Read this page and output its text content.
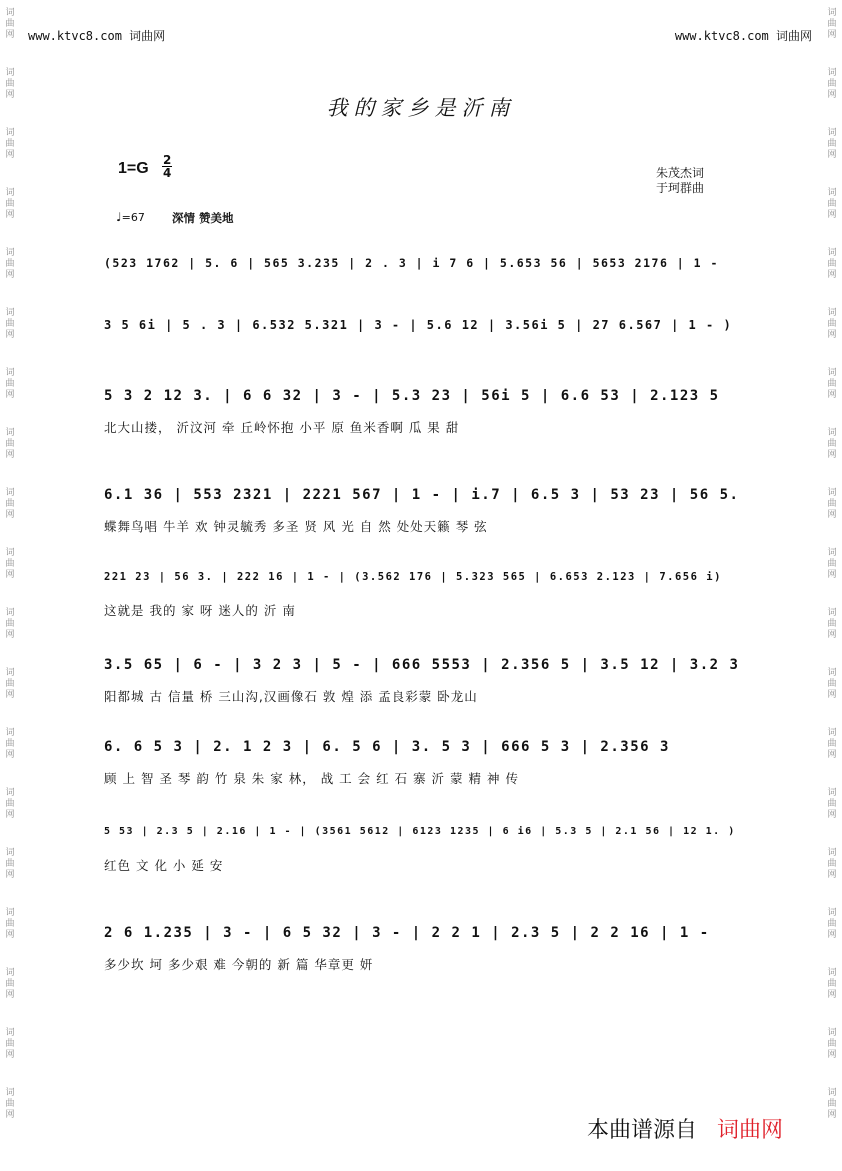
词
曲
网
词
曲
网
词
曲
网
词
曲
网
词
曲
网
词
曲
网
词
曲
网
词
曲
网
词
曲
网
词
曲
网
词
曲
网
词
曲
网
词
曲
网
词
曲
网
词
曲
网
词
曲
网
词
曲
网
词
曲
网
词
曲
网
词
曲
网
词
曲
网
词
曲
网
词
曲
网
词
曲
网
词
曲
网
词
曲
网
词
曲
网
词
曲
网
词
曲
网
词
曲
网
词
曲
网
词
曲
网
词
曲
网
词
曲
网
词
曲
网
词
曲
网
词
曲
网
词
曲
网
www.ktvc8.com 词曲网	www.ktvc8.com 词曲网
我的家乡是沂南
1=G 2
4	朱茂杰词
于珂群曲
♩=67 深情 赞美地
(523 1762 | 5. 6 | 565 3.235 | 2 . 3 | i 7 6 | 5.653 56 | 5653 2176 | 1 -
3 5 6i | 5 . 3 | 6.532 5.321 | 3 - | 5.6 12 | 3.56i 5 | 27 6.567 | 1 - )
5 3 2 12 3. | 6 6 32 | 3 - | 5.3 23 | 56i 5 | 6.6 53 | 2.123 5
北大山搂， 沂汶河 牵 丘岭怀抱 小平 原 鱼米香啊 瓜 果 甜
6.1 36 | 553 2321 | 2221 567 | 1 - | i.7 | 6.5 3 | 53 23 | 56 5.
蝶舞鸟唱 牛羊 欢 钟灵毓秀 多圣 贤 风 光 自 然 处处天籁 琴 弦
221 23 | 56 3. | 222 16 | 1 - | (3.562 176 | 5.323 565 | 6.653 2.123 | 7.656 i)
这就是 我的 家 呀 迷人的 沂 南
3.5 65 | 6 - | 3 2 3 | 5 - | 666 5553 | 2.356 5 | 3.5 12 | 3.2 3
阳都城 古 信量 桥 三山沟,汉画像石 敦 煌 添 孟良彩蒙 卧龙山
6. 6 5 3 | 2. 1 2 3 | 6. 5 6 | 3. 5 3 | 666 5 3 | 2.356 3
顾 上 智 圣 琴 韵 竹 泉 朱 家 林， 战 工 会 红 石 寨 沂 蒙 精 神 传
5 53 | 2.3 5 | 2.16 | 1 - | (3561 5612 | 6123 1235 | 6 i6 | 5.3 5 | 2.1 56 | 12 1. )
红色 文 化 小 延 安
2 6 1.235 | 3 - | 6 5 32 | 3 - | 2 2 1 | 2.3 5 | 2 2 16 | 1 -
多少坎 坷 多少艰 难 今朝的 新 篇 华章更 妍
本曲谱源自 词曲网
